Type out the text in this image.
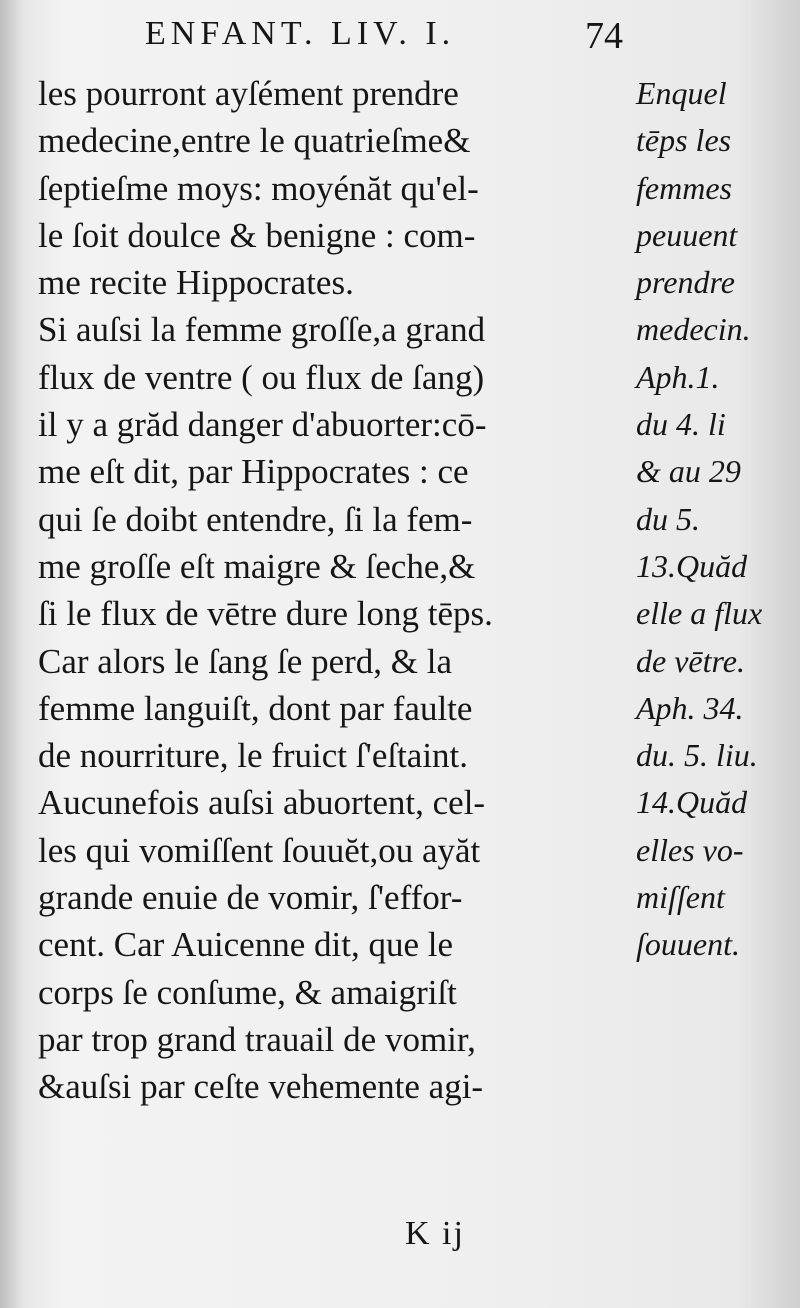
ENFANT. LIV. I.	74
les pourront ayſément prendre
medecine,entre le quatrieſme&
ſeptieſme moys: moyénăt qu'el-
le ſoit doulce & benigne : com-
me recite Hippocrates.
Si auſsi la femme groſſe,a grand
flux de ventre ( ou flux de ſang)
il y a grăd danger d'abuorter:cō-
me eſt dit, par Hippocrates : ce
qui ſe doibt entendre, ſi la fem-
me groſſe eſt maigre & ſeche,&
ſi le flux de vētre dure long tēps.
Car alors le ſang ſe perd, & la
femme languiſt, dont par faulte
de nourriture, le fruict ſ'eſtaint.
Aucunefois auſsi abuortent, cel-
les qui vomiſſent ſouuĕt,ou ayăt
grande enuie de vomir, ſ'effor-
cent. Car Auicenne dit, que le
corps ſe conſume, & amaigriſt
par trop grand trauail de vomir,
&auſsi par ceſte vehemente agi-
Enquel
tēps les
femmes
peuuent
prendre
medecin.
Aph.1.
du 4. li
& au 29
du 5.
13.Quăd
elle a flux
de vētre.
Aph. 34.
du. 5. liu.
14.Quăd
elles vo-
miſſent
ſouuent.
K ij
